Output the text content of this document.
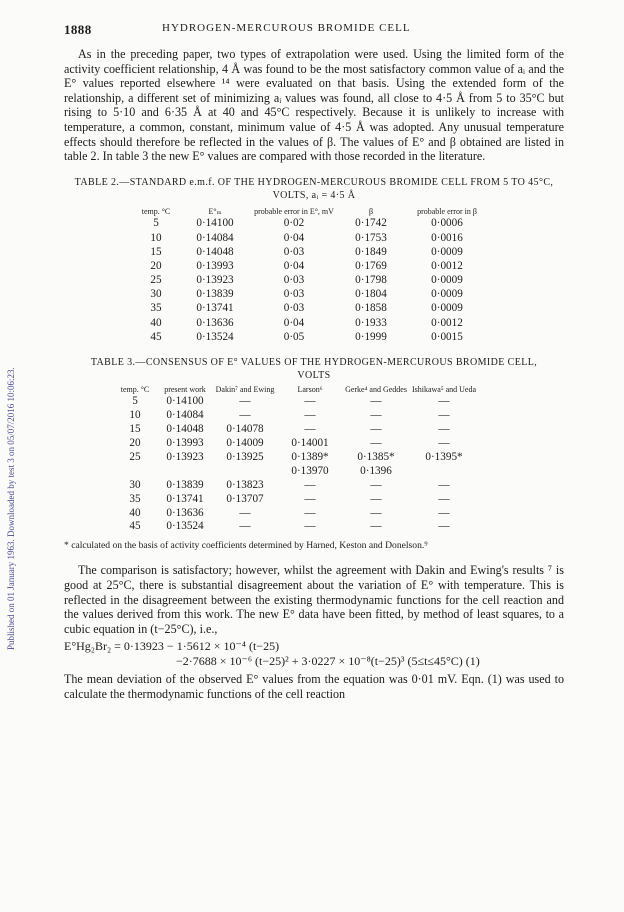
Published on 01 January 1963. Downloaded by test 3 on 05/07/2016 10:06:23.
1888	HYDROGEN-MERCUROUS BROMIDE CELL

As in the preceding paper, two types of extrapolation were used. Using the limited form of the activity coefficient relationship, 4 Å was found to be the most satisfactory common value of aᵢ and the E° values reported elsewhere ¹⁴ were evaluated on that basis. Using the extended form of the relationship, a different set of minimizing aᵢ values was found, all close to 4·5 Å from 5 to 35°C but rising to 5·10 and 6·35 Å at 40 and 45°C respectively. Because it is unlikely to increase with temperature, a common, constant, minimum value of 4·5 Å was adopted. Any unusual temperature effects should therefore be reflected in the values of β. The values of E° and β obtained are listed in table 2. In table 3 the new E° values are compared with those recorded in the literature.

TABLE 2.—STANDARD e.m.f. OF THE HYDROGEN-MERCUROUS BROMIDE CELL FROM 5 TO 45°C,
VOLTS, aᵢ = 4·5 Å
temp. °C	E°ₘ	probable error in E°, mV	β	probable error in β
5	0·14100	0·02	0·1742	0·0006
10	0·14084	0·04	0·1753	0·0016
15	0·14048	0·03	0·1849	0·0009
20	0·13993	0·04	0·1769	0·0012
25	0·13923	0·03	0·1798	0·0009
30	0·13839	0·03	0·1804	0·0009
35	0·13741	0·03	0·1858	0·0009
40	0·13636	0·04	0·1933	0·0012
45	0·13524	0·05	0·1999	0·0015
TABLE 3.—CONSENSUS OF E° VALUES OF THE HYDROGEN-MERCUROUS BROMIDE CELL,
VOLTS
temp. °C	present work	Dakin⁷ and Ewing	Larson⁶	Gerke⁴ and Geddes	Ishikawa⁵ and Ueda
5	0·14100	—	—	—	—
10	0·14084	—	—	—	—
15	0·14048	0·14078	—	—	—
20	0·13993	0·14009	0·14001	—	—
25	0·13923	0·13925	0·1389*	0·1385*	0·1395*
			0·13970	0·1396	
30	0·13839	0·13823	—	—	—
35	0·13741	0·13707	—	—	—
40	0·13636	—	—	—	—
45	0·13524	—	—	—	—
* calculated on the basis of activity coefficients determined by Harned, Keston and Donelson.⁹

The comparison is satisfactory; however, whilst the agreement with Dakin and Ewing's results ⁷ is good at 25°C, there is substantial disagreement about the variation of E° with temperature. This is reflected in the disagreement between the existing thermodynamic functions for the cell reaction and the values derived from this work. The new E° data have been fitted, by method of least squares, to a cubic equation in (t−25°C), i.e.,

E°Hg₂Br₂ = 0·13923 − 1·5612 × 10⁻⁴ (t−25)
−2·7688 × 10⁻⁶ (t−25)² + 3·0227 × 10⁻⁸(t−25)³ (5≤t≤45°C) (1)

The mean deviation of the observed E° values from the equation was 0·01 mV. Eqn. (1) was used to calculate the thermodynamic functions of the cell reaction
